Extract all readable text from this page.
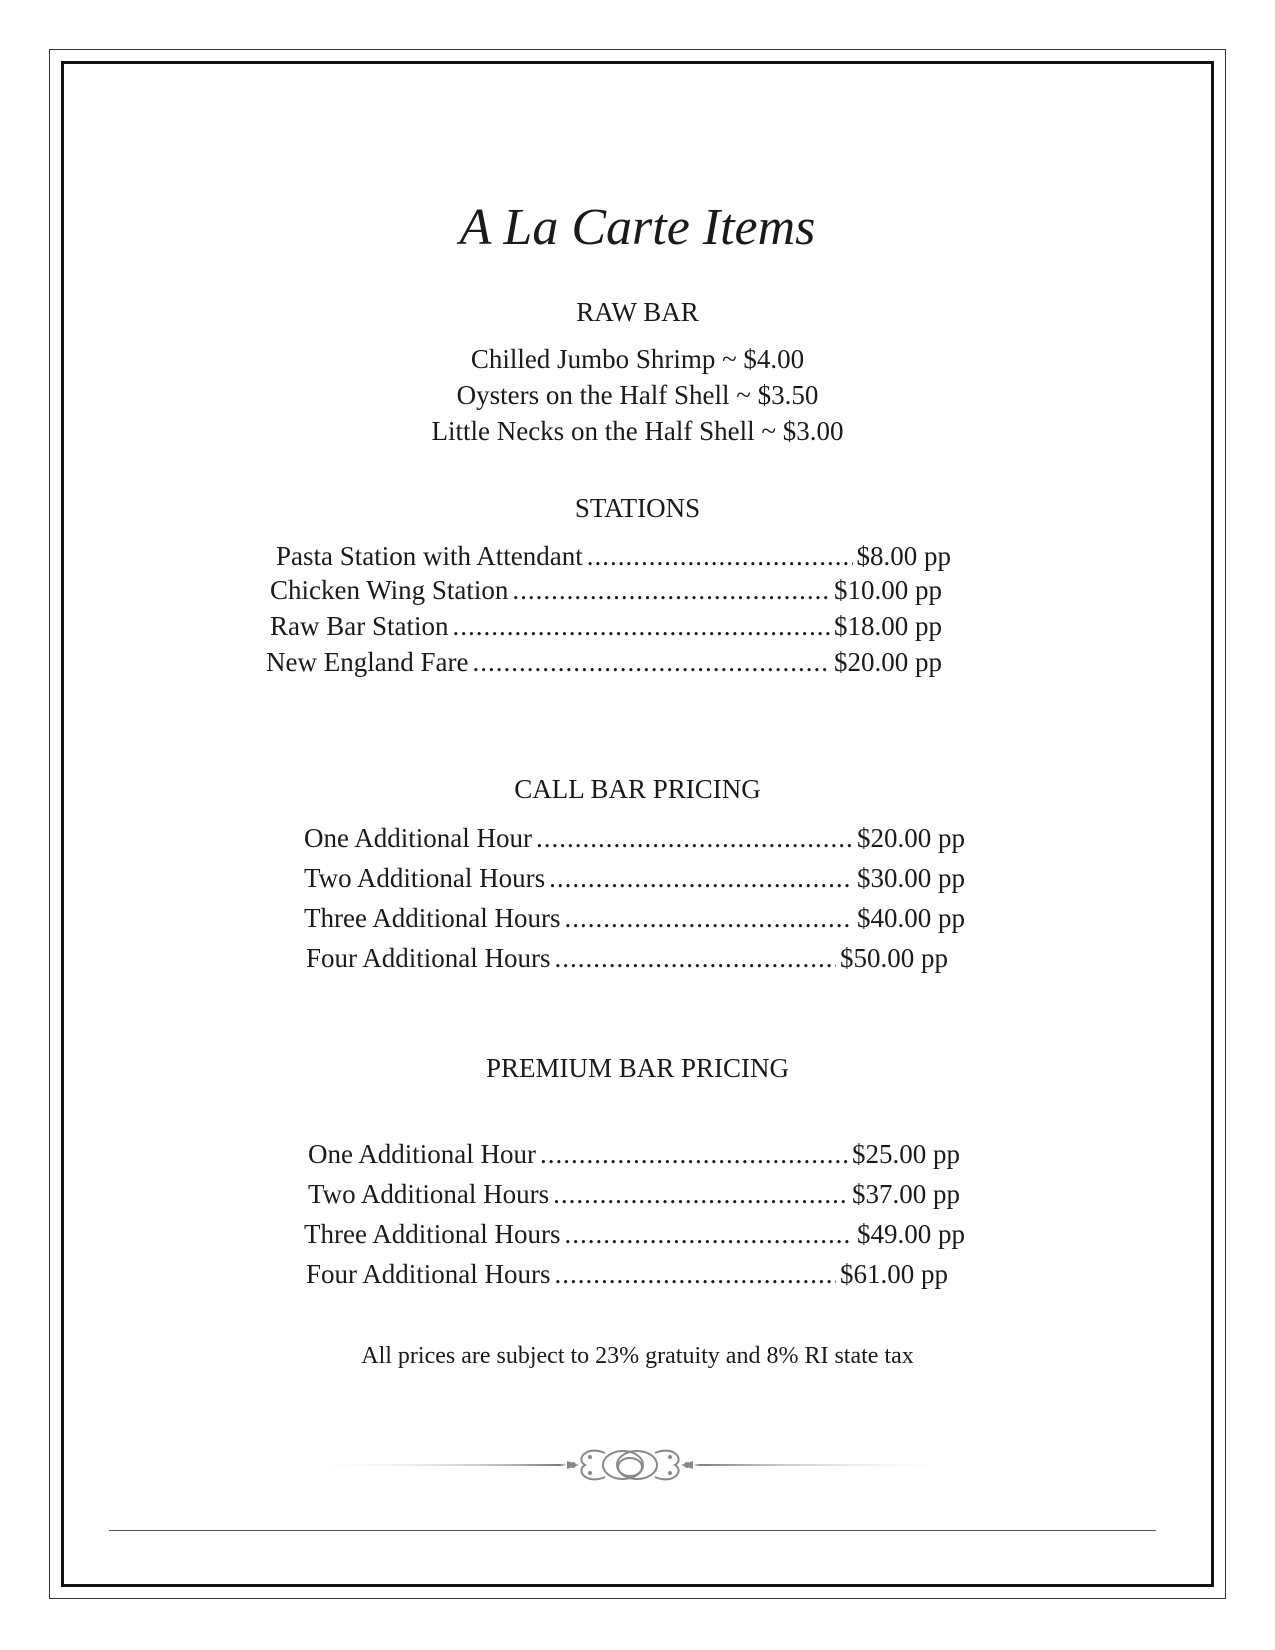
A La Carte Items
RAW BAR
Chilled Jumbo Shrimp ~ $4.00
Oysters on the Half Shell ~ $3.50
Little Necks on the Half Shell ~ $3.00
STATIONS
Pasta Station with Attendant .....	$8.00 pp
Chicken Wing Station .....	$10.00 pp
Raw Bar Station .....	$18.00 pp
New England Fare .....	$20.00 pp
CALL BAR PRICING
One Additional Hour .....	$20.00 pp
Two Additional Hours .....	$30.00 pp
Three Additional Hours .....	$40.00 pp
Four Additional Hours .....	$50.00 pp
PREMIUM BAR PRICING
One Additional Hour .....	$25.00 pp
Two Additional Hours .....	$37.00 pp
Three Additional Hours .....	$49.00 pp
Four Additional Hours .....	$61.00 pp
All prices are subject to 23% gratuity and 8% RI state tax
